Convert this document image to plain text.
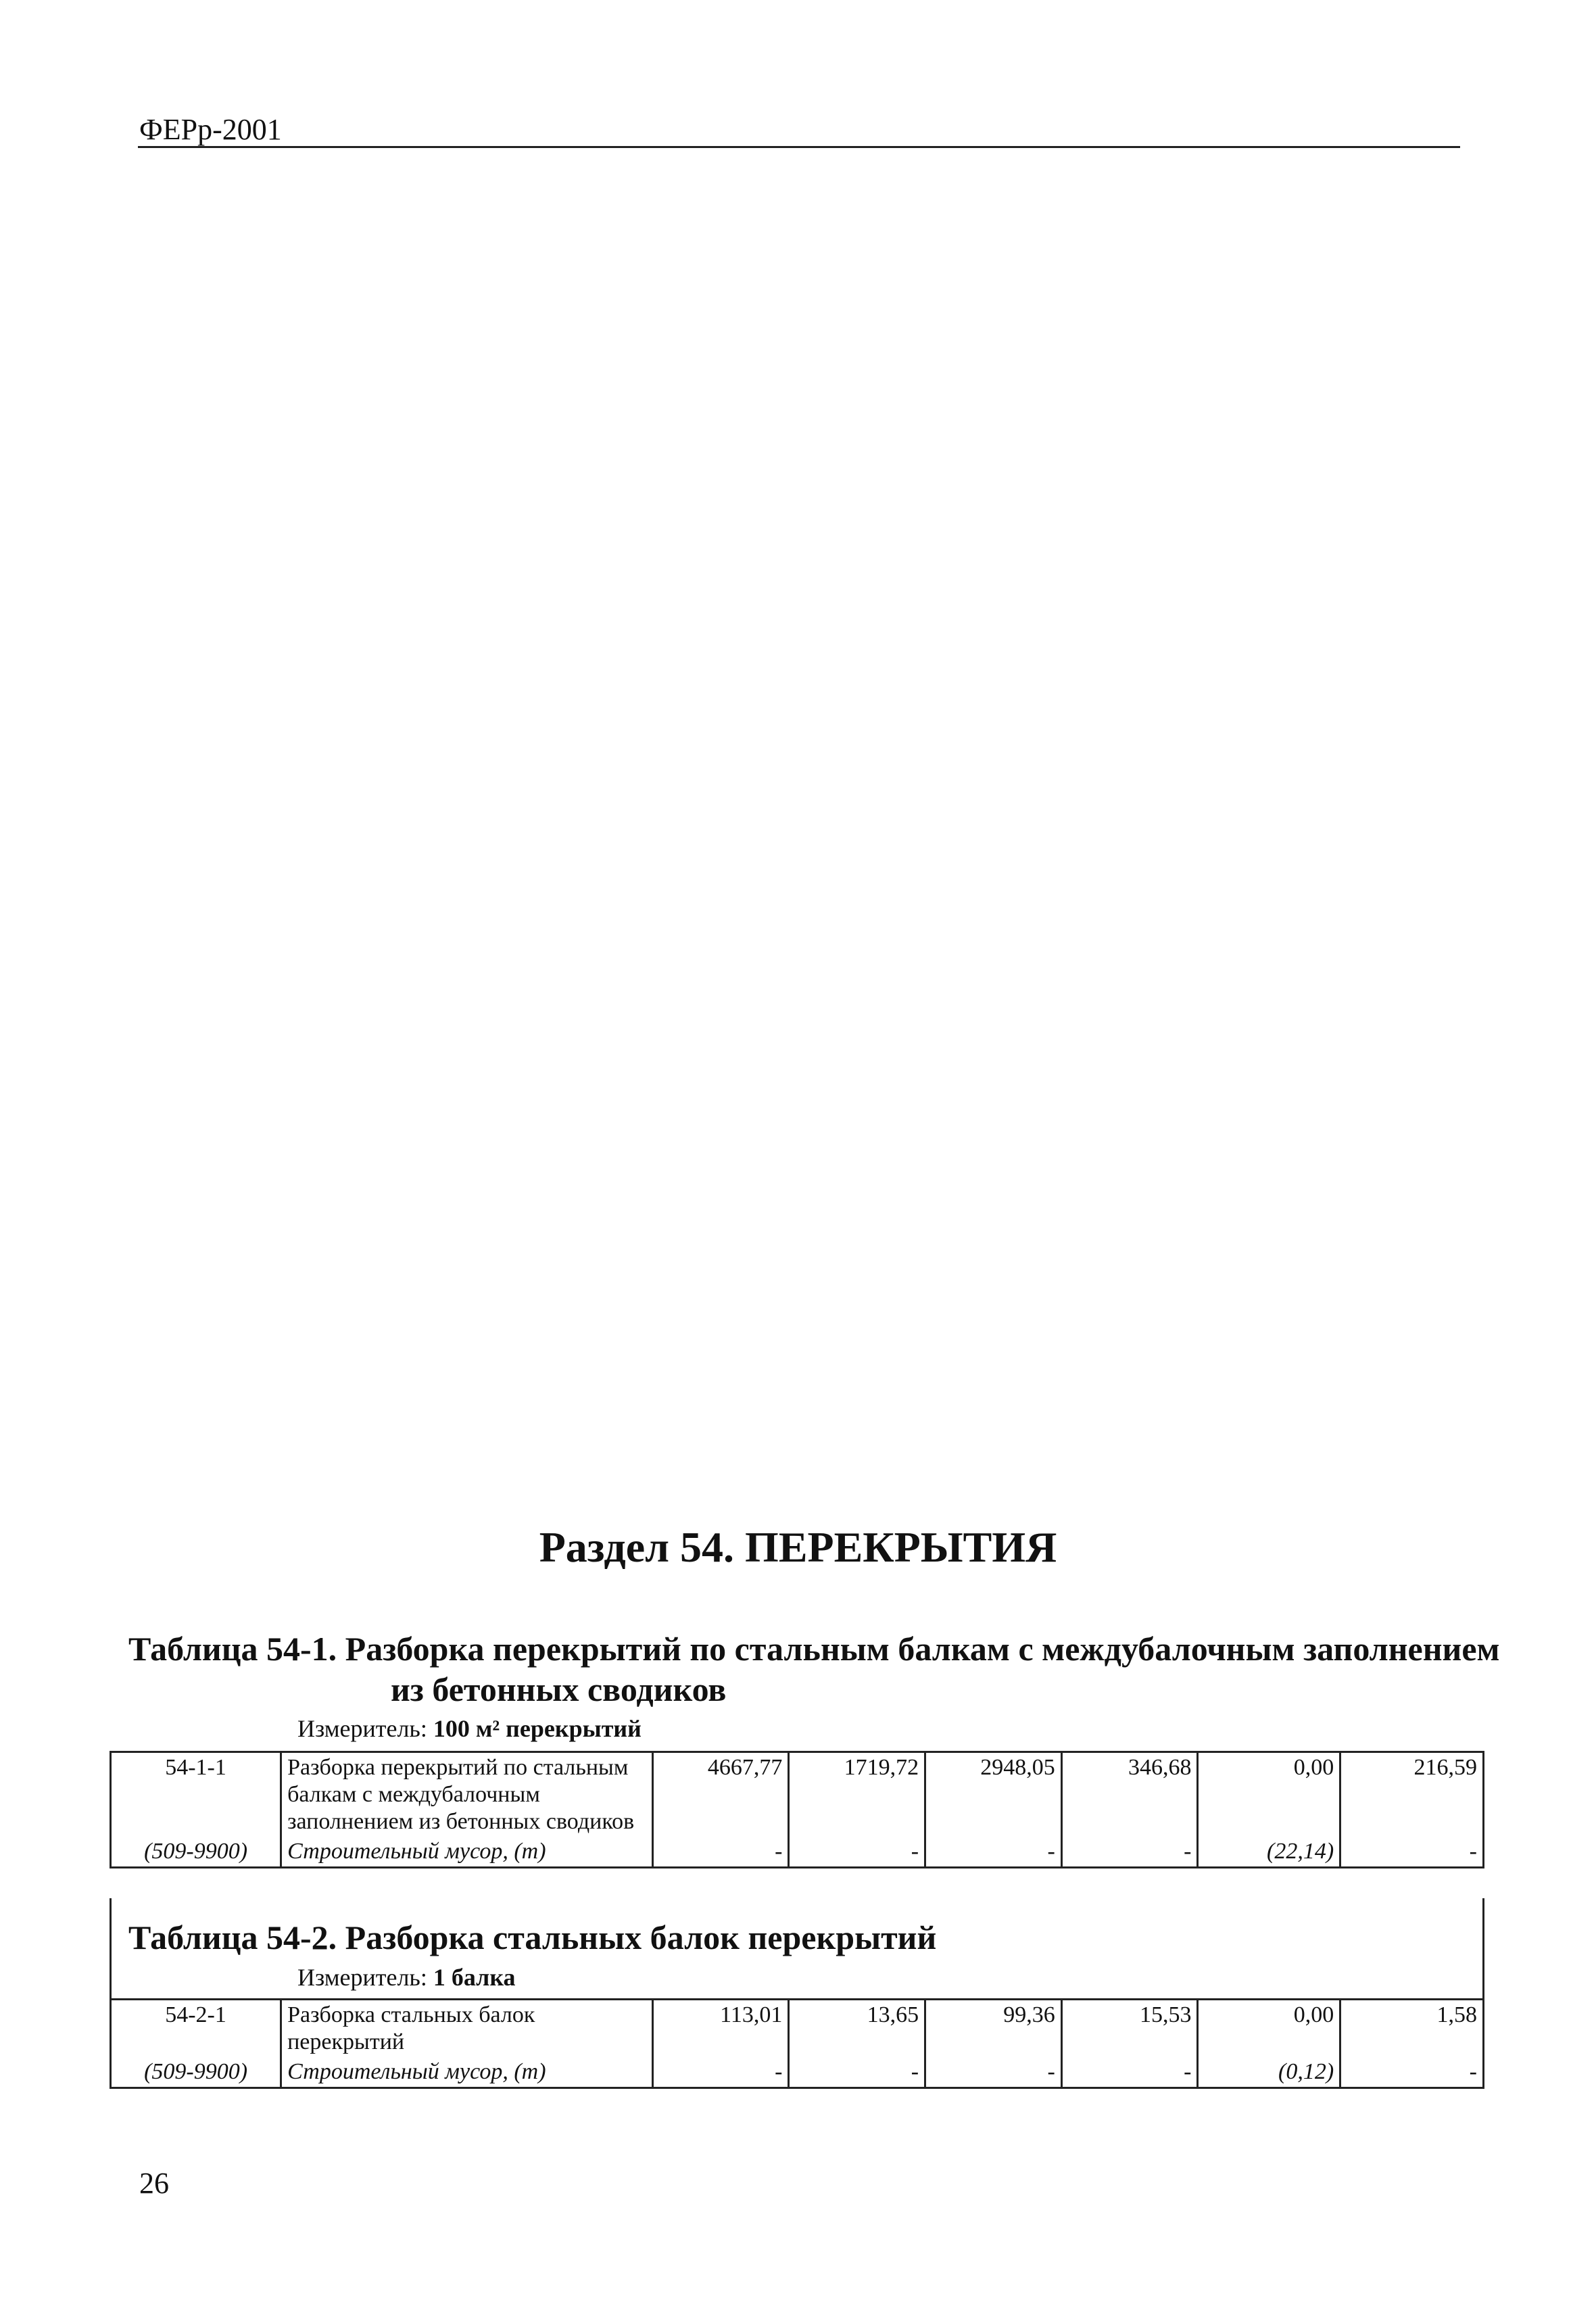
ФЕРр-2001
Раздел 54. ПЕРЕКРЫТИЯ
Таблица 54-1. Разборка перекрытий по стальным балкам с междубалочным заполнением
из бетонных сводиков
Измеритель: 100 м² перекрытий
54-1-1	Разборка перекрытий по стальным балкам с междубалочным заполнением из бетонных сводиков	4667,77	1719,72	2948,05	346,68	0,00	216,59
(509-9900)	Строительный мусор, (т)	-	-	-	-	(22,14)	-
Таблица 54-2. Разборка стальных балок перекрытий
Измеритель: 1 балка
54-2-1	Разборка стальных балок перекрытий	113,01	13,65	99,36	15,53	0,00	1,58
(509-9900)	Строительный мусор, (т)	-	-	-	-	(0,12)	-
26
